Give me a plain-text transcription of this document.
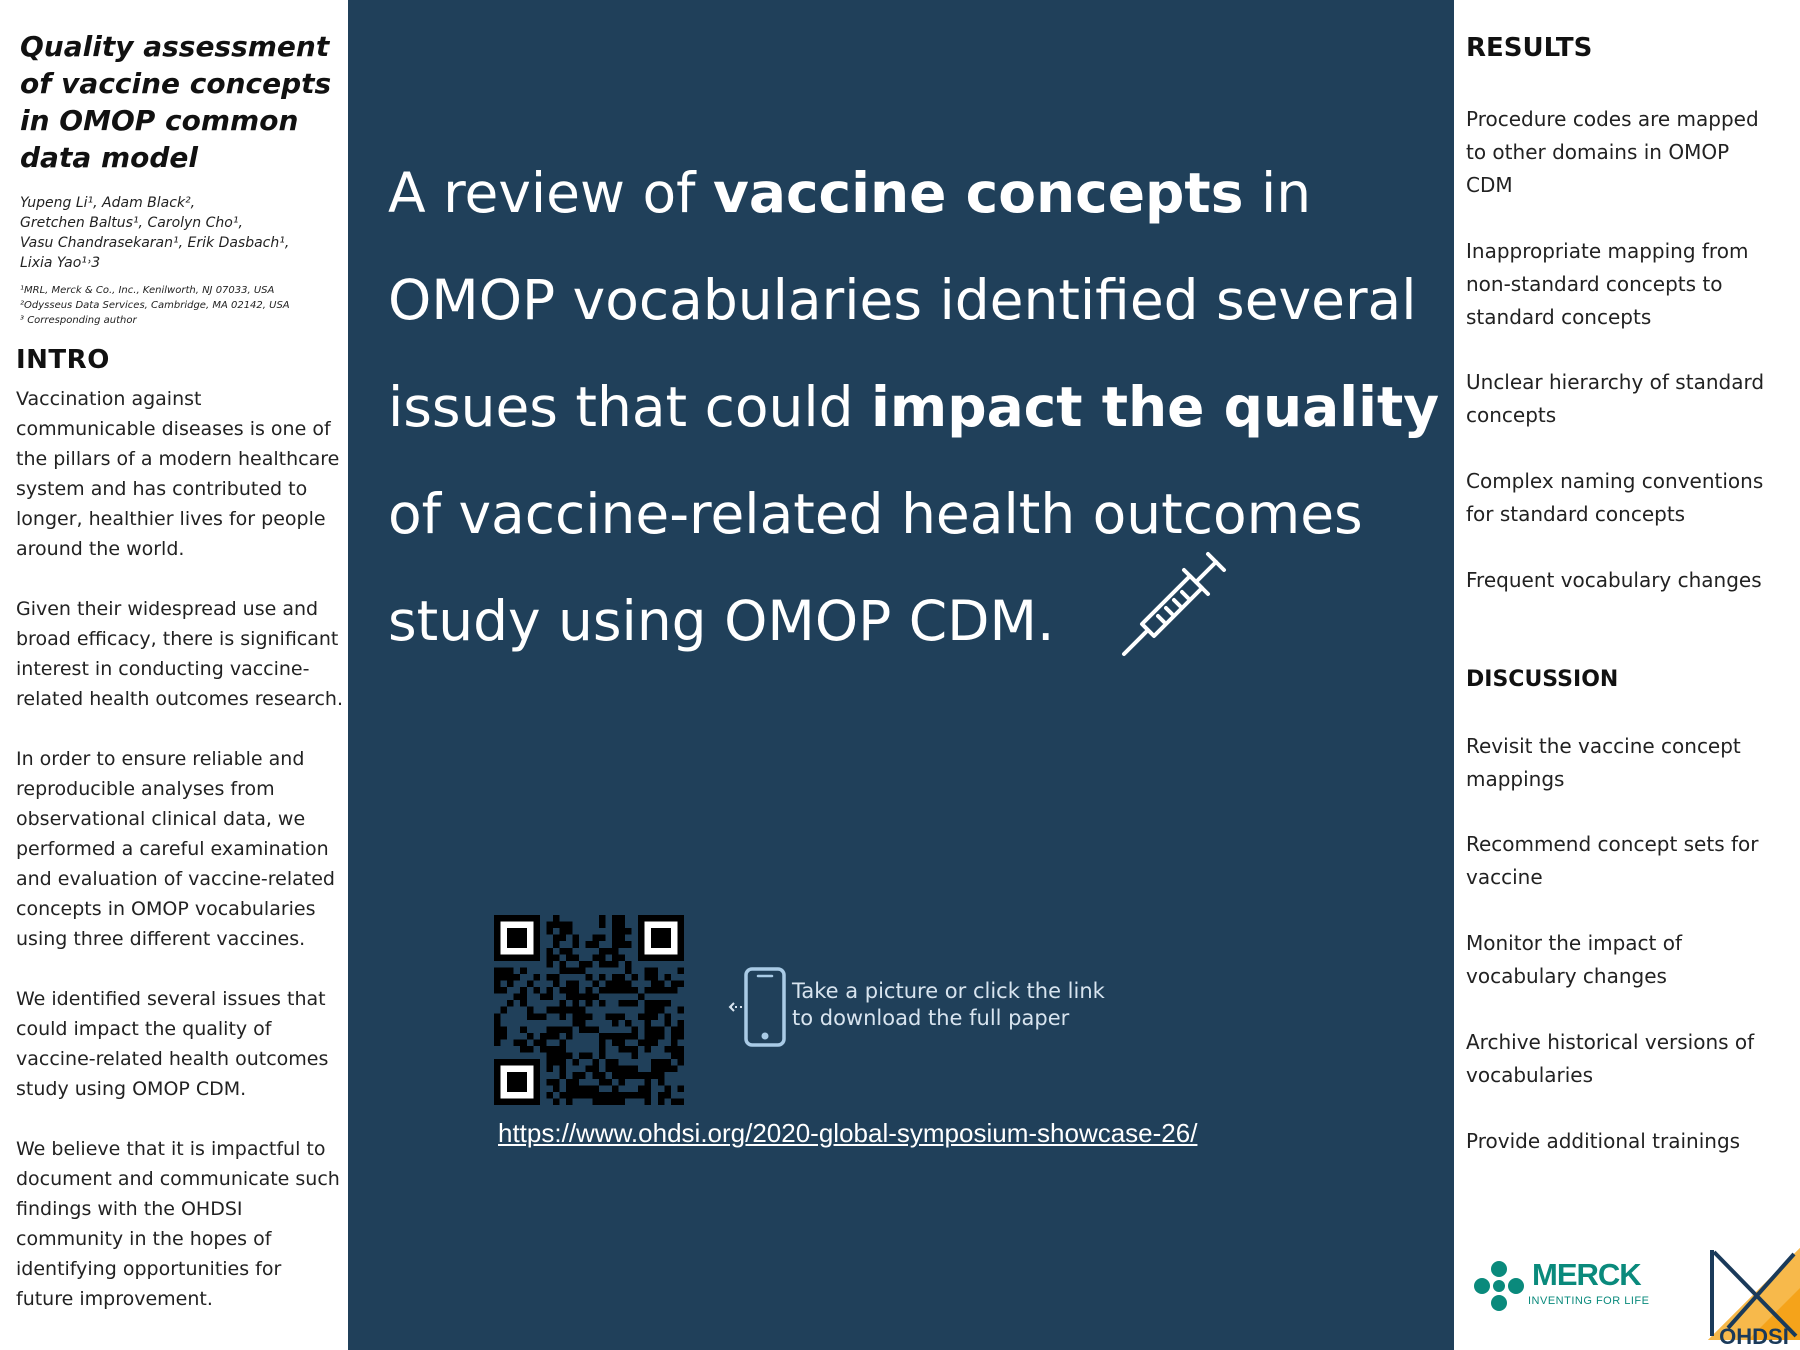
Quality assessment
of vaccine concepts
in OMOP common
data model
Yupeng Li¹, Adam Black²,
Gretchen Baltus¹, Carolyn Cho¹,
Vasu Chandrasekaran¹, Erik Dasbach¹,
Lixia Yao¹˒3
¹MRL, Merck & Co., Inc., Kenilworth, NJ 07033, USA
²Odysseus Data Services, Cambridge, MA 02142, USA
³ Corresponding author
INTRO

Vaccination against
communicable diseases is one of
the pillars of a modern healthcare
system and has contributed to
longer, healthier lives for people
around the world.

Given their widespread use and
broad efficacy, there is significant
interest in conducting vaccine-
related health outcomes research.

In order to ensure reliable and
reproducible analyses from
observational clinical data, we
performed a careful examination
and evaluation of vaccine-related
concepts in OMOP vocabularies
using three different vaccines.

We identified several issues that
could impact the quality of
vaccine-related health outcomes
study using OMOP CDM.

We believe that it is impactful to
document and communicate such
findings with the OHDSI
community in the hopes of
identifying opportunities for
future improvement.

A review of vaccine concepts in
OMOP vocabularies identified several
issues that could impact the quality
of vaccine-related health outcomes
study using OMOP CDM.
Take a picture or click the link
to download the full paper
https://www.ohdsi.org/2020-global-symposium-showcase-26/
RESULTS
Procedure codes are mapped
to other domains in OMOP
CDM
Inappropriate mapping from
non-standard concepts to
standard concepts
Unclear hierarchy of standard
concepts
Complex naming conventions
for standard concepts
Frequent vocabulary changes
DISCUSSION
Revisit the vaccine concept
mappings
Recommend concept sets for
vaccine
Monitor the impact of
vocabulary changes
Archive historical versions of
vocabularies
Provide additional trainings
MERCK
INVENTING FOR LIFE
OHDSI
